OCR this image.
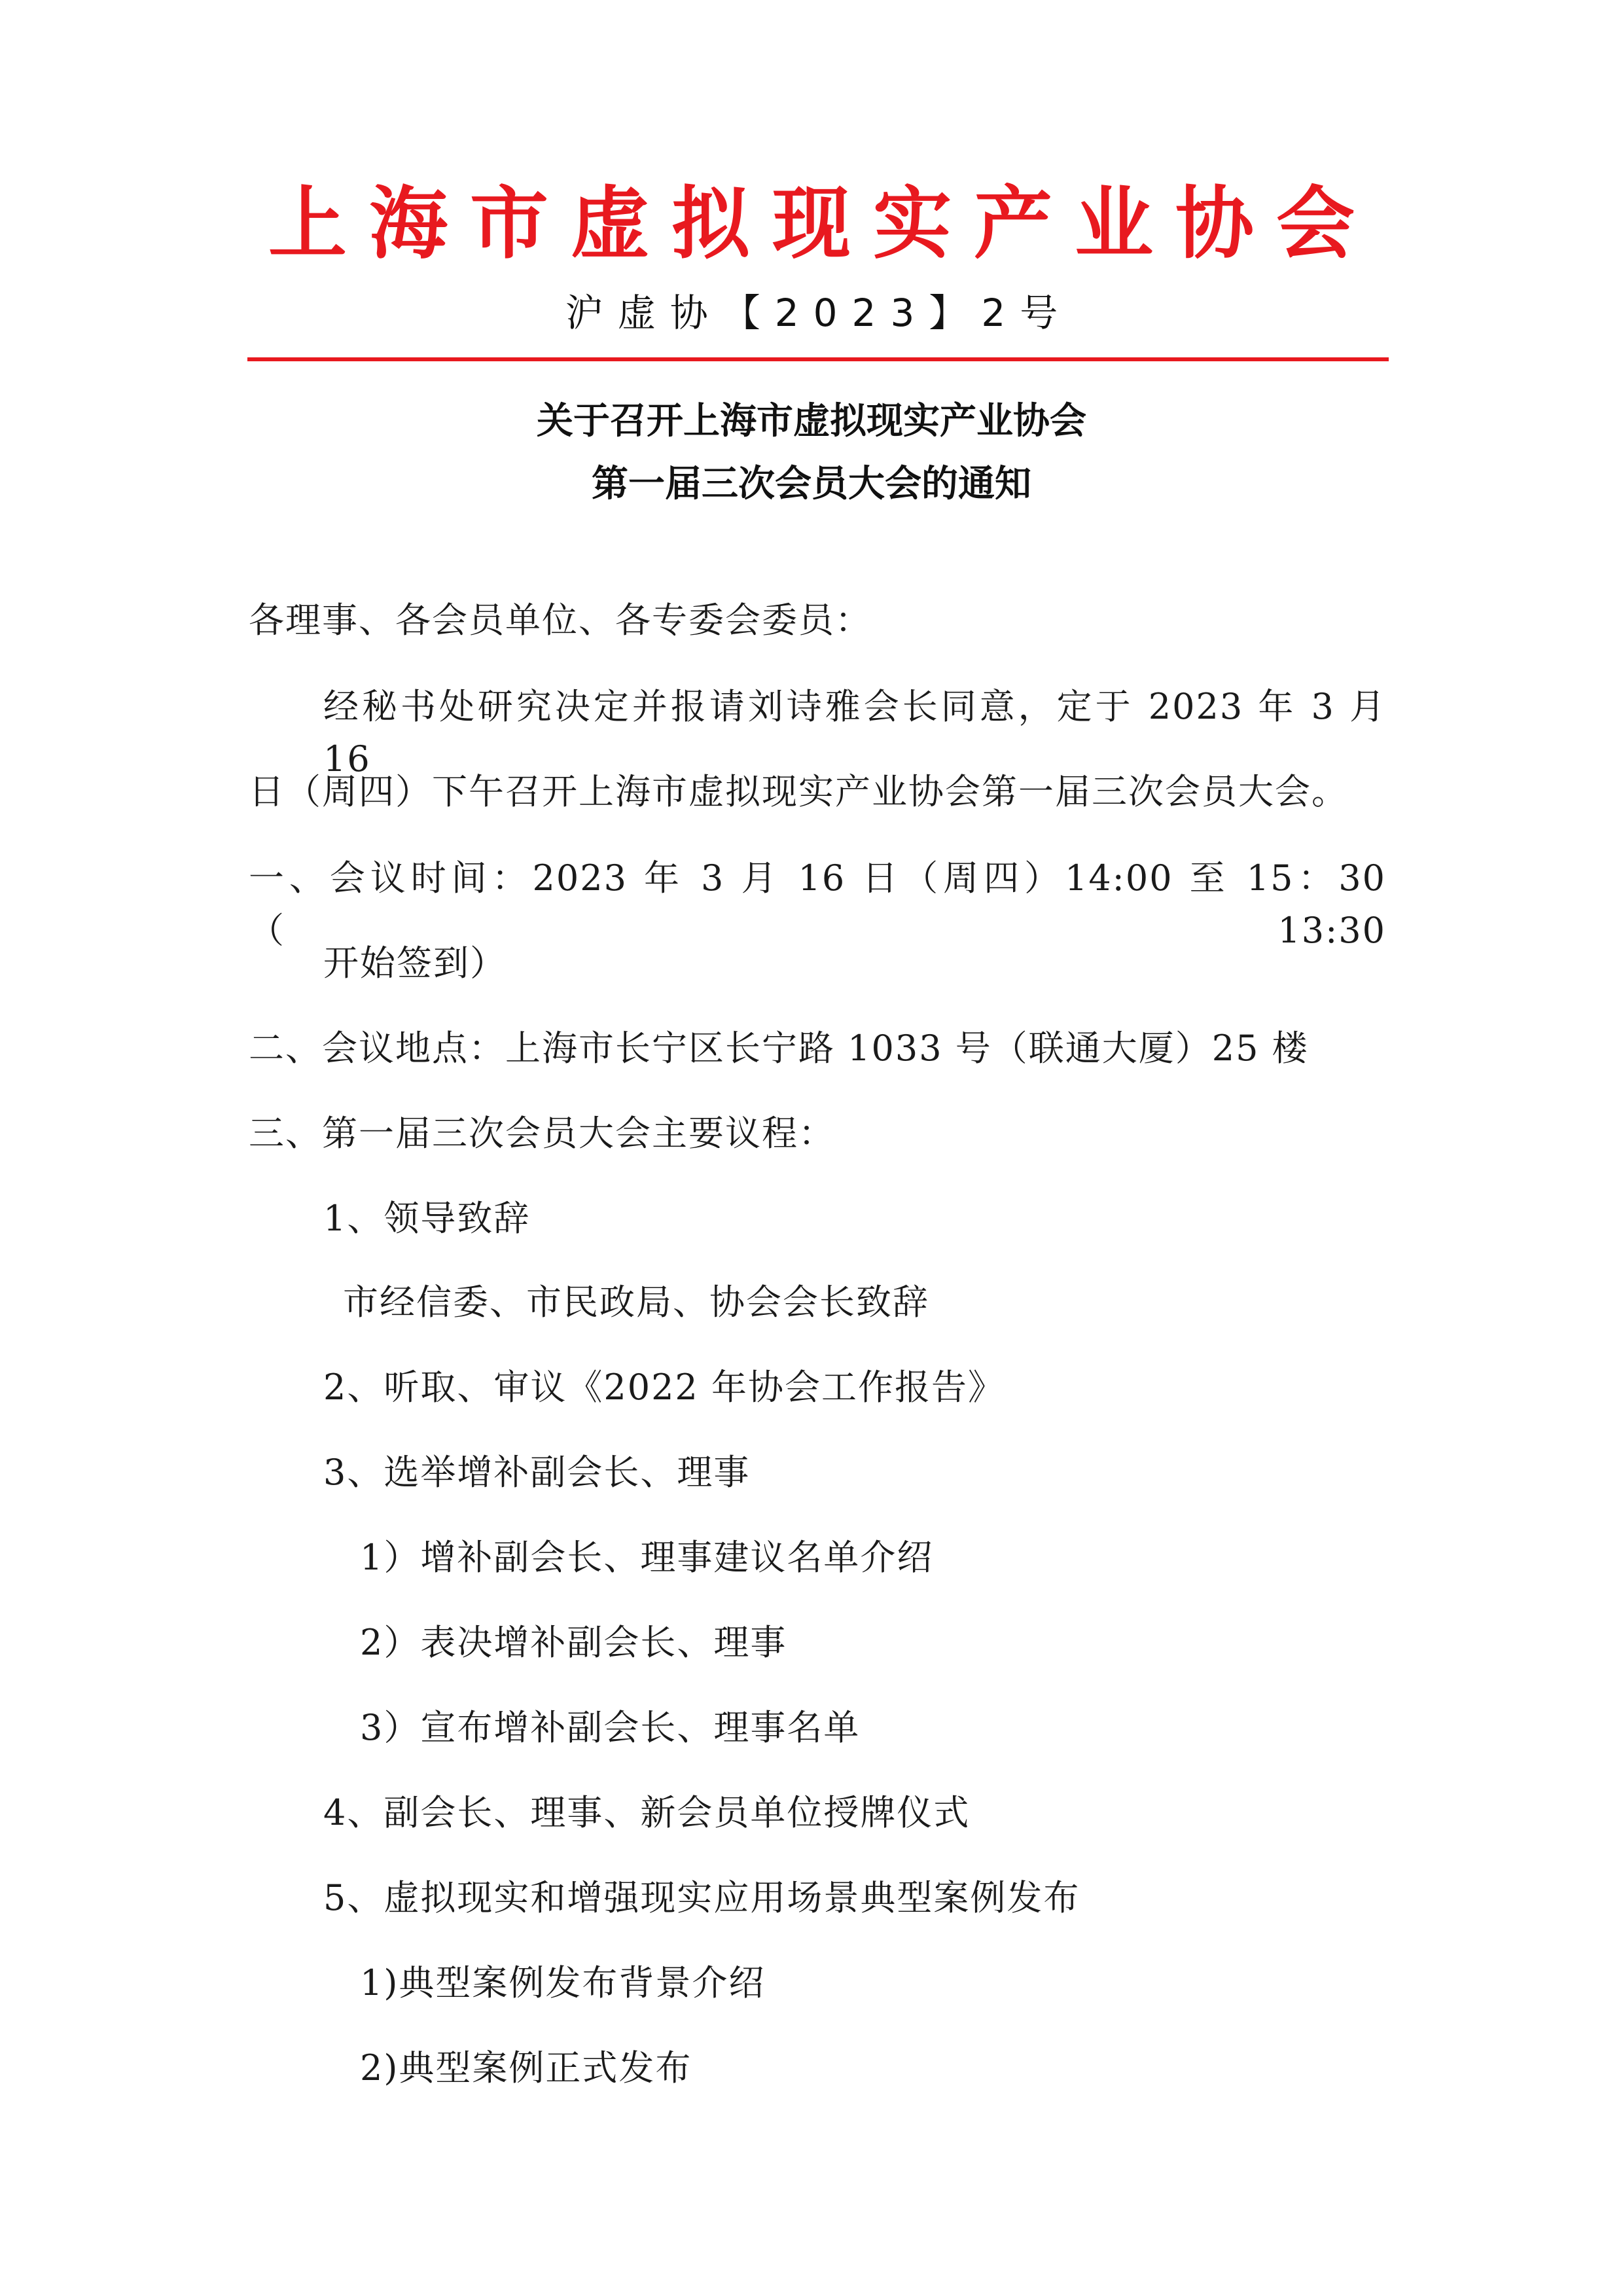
上海市虚拟现实产业协会
沪虚协【2023】2号
关于召开上海市虚拟现实产业协会
第一届三次会员大会的通知
各理事、各会员单位、各专委会委员：
经秘书处研究决定并报请刘诗雅会长同意，定于 2023 年 3 月 16
日（周四）下午召开上海市虚拟现实产业协会第一届三次会员大会。
一、会议时间：2023 年 3 月 16 日（周四）14:00 至 15：30（13:30
开始签到）
二、会议地点：上海市长宁区长宁路 1033 号（联通大厦）25 楼
三、第一届三次会员大会主要议程：
1、领导致辞
市经信委、市民政局、协会会长致辞
2、听取、审议《2022 年协会工作报告》
3、选举增补副会长、理事
1）增补副会长、理事建议名单介绍
2）表决增补副会长、理事
3）宣布增补副会长、理事名单
4、副会长、理事、新会员单位授牌仪式
5、虚拟现实和增强现实应用场景典型案例发布
1)典型案例发布背景介绍
2)典型案例正式发布
